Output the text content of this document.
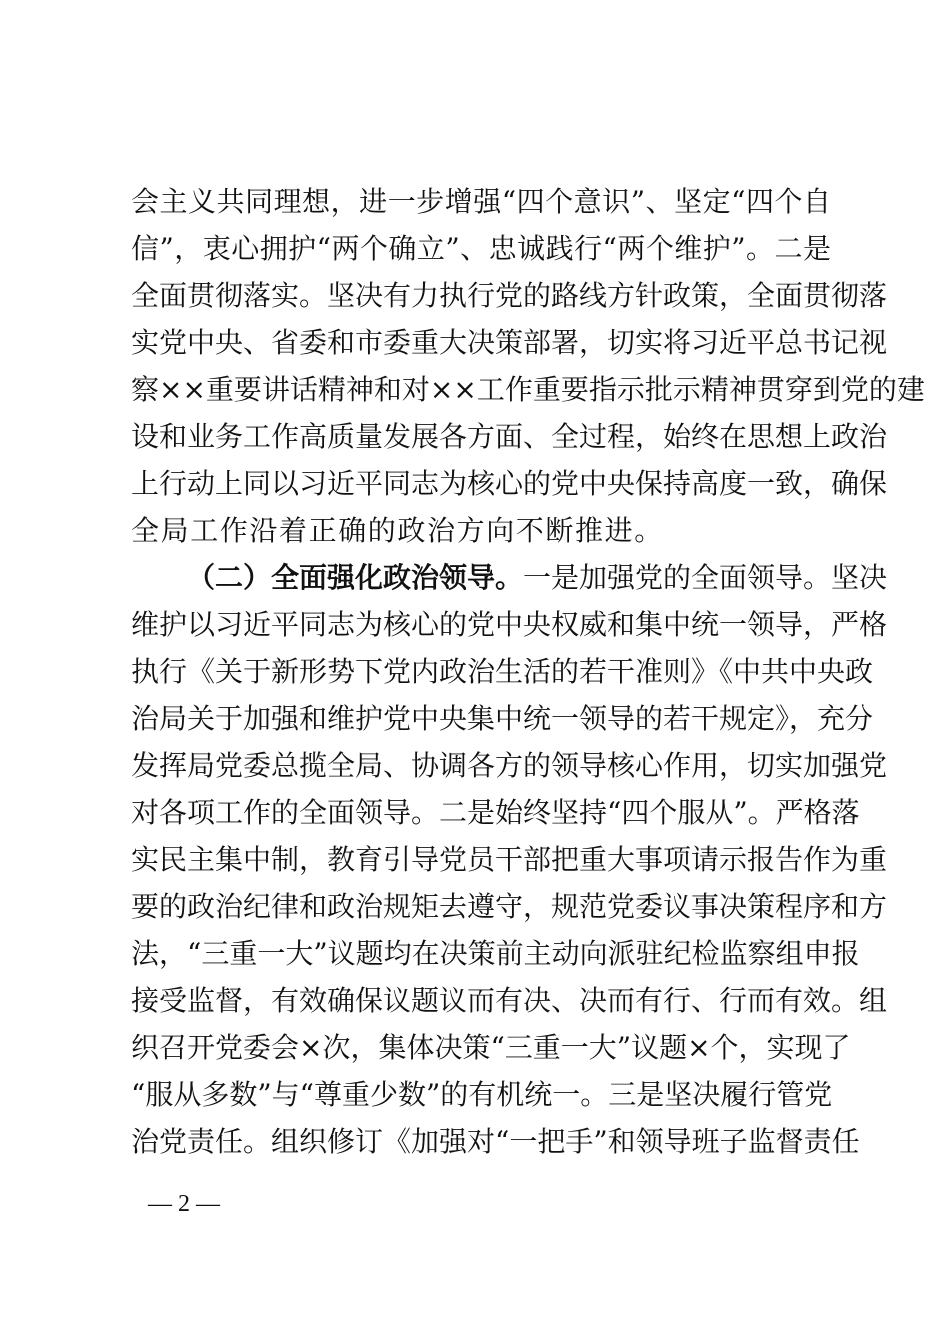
会主义共同理想，进一步增强“四个意识”、坚定“四个自
信”，衷心拥护“两个确立”、忠诚践行“两个维护”。二是
全面贯彻落实。坚决有力执行党的路线方针政策，全面贯彻落
实党中央、省委和市委重大决策部署，切实将习近平总书记视
察××重要讲话精神和对××工作重要指示批示精神贯穿到党的建
设和业务工作高质量发展各方面、全过程，始终在思想上政治
上行动上同以习近平同志为核心的党中央保持高度一致，确保
全局工作沿着正确的政治方向不断推进。
（二）全面强化政治领导。一是加强党的全面领导。坚决
维护以习近平同志为核心的党中央权威和集中统一领导，严格
执行《关于新形势下党内政治生活的若干准则》《中共中央政
治局关于加强和维护党中央集中统一领导的若干规定》，充分
发挥局党委总揽全局、协调各方的领导核心作用，切实加强党
对各项工作的全面领导。二是始终坚持“四个服从”。严格落
实民主集中制，教育引导党员干部把重大事项请示报告作为重
要的政治纪律和政治规矩去遵守，规范党委议事决策程序和方
法，“三重一大”议题均在决策前主动向派驻纪检监察组申报
接受监督，有效确保议题议而有决、决而有行、行而有效。组
织召开党委会×次，集体决策“三重一大”议题×个，实现了
“服从多数”与“尊重少数”的有机统一。三是坚决履行管党
治党责任。组织修订《加强对“一把手”和领导班子监督责任
— 2 —
